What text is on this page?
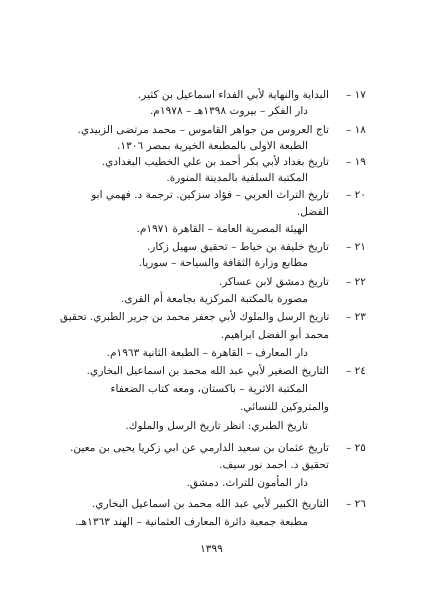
١٧ –
البداية والنهاية لأبي الفداء اسماعيل بن كثير.
دار الفكر – بيروت ١٣٩٨هـ – ١٩٧٨م.
١٨ –
تاج العروس من جواهر القاموس – محمد مرتضى الزبيدي.
الطبعة الاولى بالمطبعة الخيرية بمصر ١٣٠٦.
١٩ –
تاريخ بغداد لأبي بكر أحمد بن علي الخطيب البغدادي.
المكتبة السلفية بالمدينة المنورة.
٢٠ –
تاريخ التراث العربي – فؤاد سزكين. ترجمة د. فهمي ابو
الفضل.
الهيئة المصرية العامة – القاهرة ١٩٧١م.
٢١ –
تاريخ خليفة بن خياط – تحقيق سهيل زكار.
مطابع وزارة الثقافة والسياحة – سوريا.
٢٢ –
تاريخ دمشق لابن عساكر.
مصورة بالمكتبة المركزية بجامعة أم القرى.
٢٣ –
تاريخ الرسل والملوك لأبي جعفر محمد بن جرير الطبري. تحقيق
محمد أبو الفضل ابراهيم.
دار المعارف – القاهرة – الطبعة الثانية ١٩٦٣م.
٢٤ –
التاريخ الصغير لأبي عبد الله محمد بن اسماعيل البخاري.
المكتبة الاثرية – باكستان، ومعه كتاب الضعفاء
والمتروكين للنسائي.
تاريخ الطبري: انظر تاريخ الرسل والملوك.
٢٥ –
تاريخ عثمان بن سعيد الدارمي عن ابي زكريا يحيى بن معين.
تحقيق د. احمد نور سيف.
دار المأمون للتراث. دمشق.
٢٦ –
التاريخ الكبير لأبي عبد الله محمد بن اسماعيل البخاري.
مطبعة جمعية دائرة المعارف العثمانية – الهند ١٣٦٣هـ.
١٣٩٩
